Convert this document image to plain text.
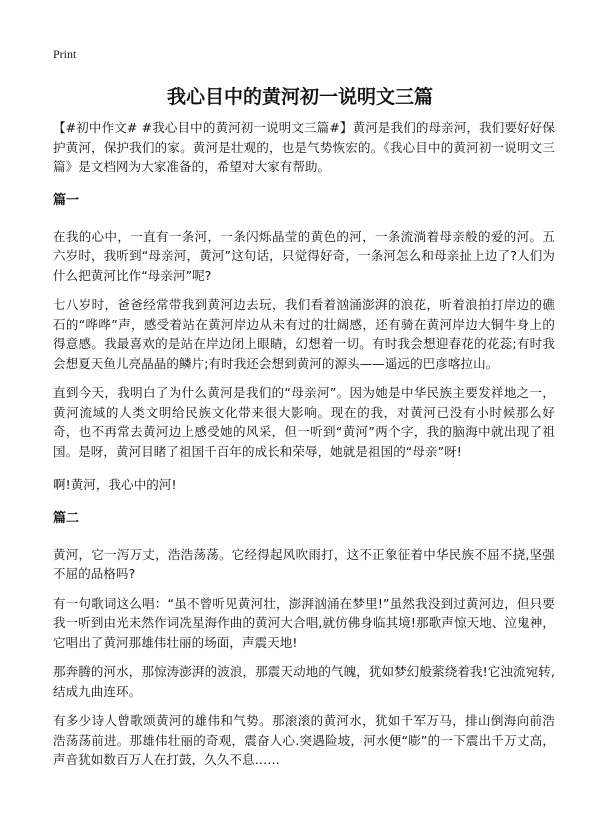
Print
我心目中的黄河初一说明文三篇

【#初中作文# #我心目中的黄河初一说明文三篇#】黄河是我们的母亲河，我们要好好保护黄河，保护我们的家。黄河是壮观的，也是气势恢宏的。《我心目中的黄河初一说明文三篇》是文档网为大家准备的，希望对大家有帮助。

篇一

在我的心中，一直有一条河，一条闪烁晶莹的黄色的河，一条流淌着母亲般的爱的河。五六岁时，我听到“母亲河，黄河”这句话，只觉得好奇，一条河怎么和母亲扯上边了?人们为什么把黄河比作“母亲河”呢?

七八岁时，爸爸经常带我到黄河边去玩，我们看着汹涌澎湃的浪花，听着浪拍打岸边的礁石的“哗哗”声，感受着站在黄河岸边从未有过的壮阔感，还有骑在黄河岸边大铜牛身上的得意感。我最喜欢的是站在岸边闭上眼睛，幻想着一切。有时我会想迎春花的花蕊;有时我会想夏天鱼儿亮晶晶的鳞片;有时我还会想到黄河的源头——遥远的巴彦喀拉山。

直到今天，我明白了为什么黄河是我们的“母亲河”。因为她是中华民族主要发祥地之一，黄河流域的人类文明给民族文化带来很大影响。现在的我，对黄河已没有小时候那么好奇，也不再常去黄河边上感受她的风采，但一听到“黄河”两个字，我的脑海中就出现了祖国。是呀，黄河目睹了祖国千百年的成长和荣辱，她就是祖国的“母亲”呀!

啊!黄河，我心中的河!

篇二

黄河，它一泻万丈，浩浩荡荡。它经得起风吹雨打，这不正象征着中华民族不屈不挠,坚强不屈的品格吗?

有一句歌词这么唱：“虽不曾听见黄河壮，澎湃汹涌在梦里!”虽然我没到过黄河边，但只要我一听到由光未然作词冼星海作曲的黄河大合唱,就仿佛身临其境!那歌声惊天地、泣鬼神，它唱出了黄河那雄伟壮丽的场面，声震天地!

那奔腾的河水，那惊涛澎湃的波浪，那震天动地的气魄，犹如梦幻般萦绕着我!它浊流宛转,结成九曲连环。

有多少诗人曾歌颂黄河的雄伟和气势。那滚滚的黄河水，犹如千军万马，排山倒海向前浩浩荡荡前进。那雄伟壮丽的奇观，震奋人心.突遇险坡，河水便“嘭”的一下震出千万丈高，声音犹如数百万人在打鼓，久久不息……
